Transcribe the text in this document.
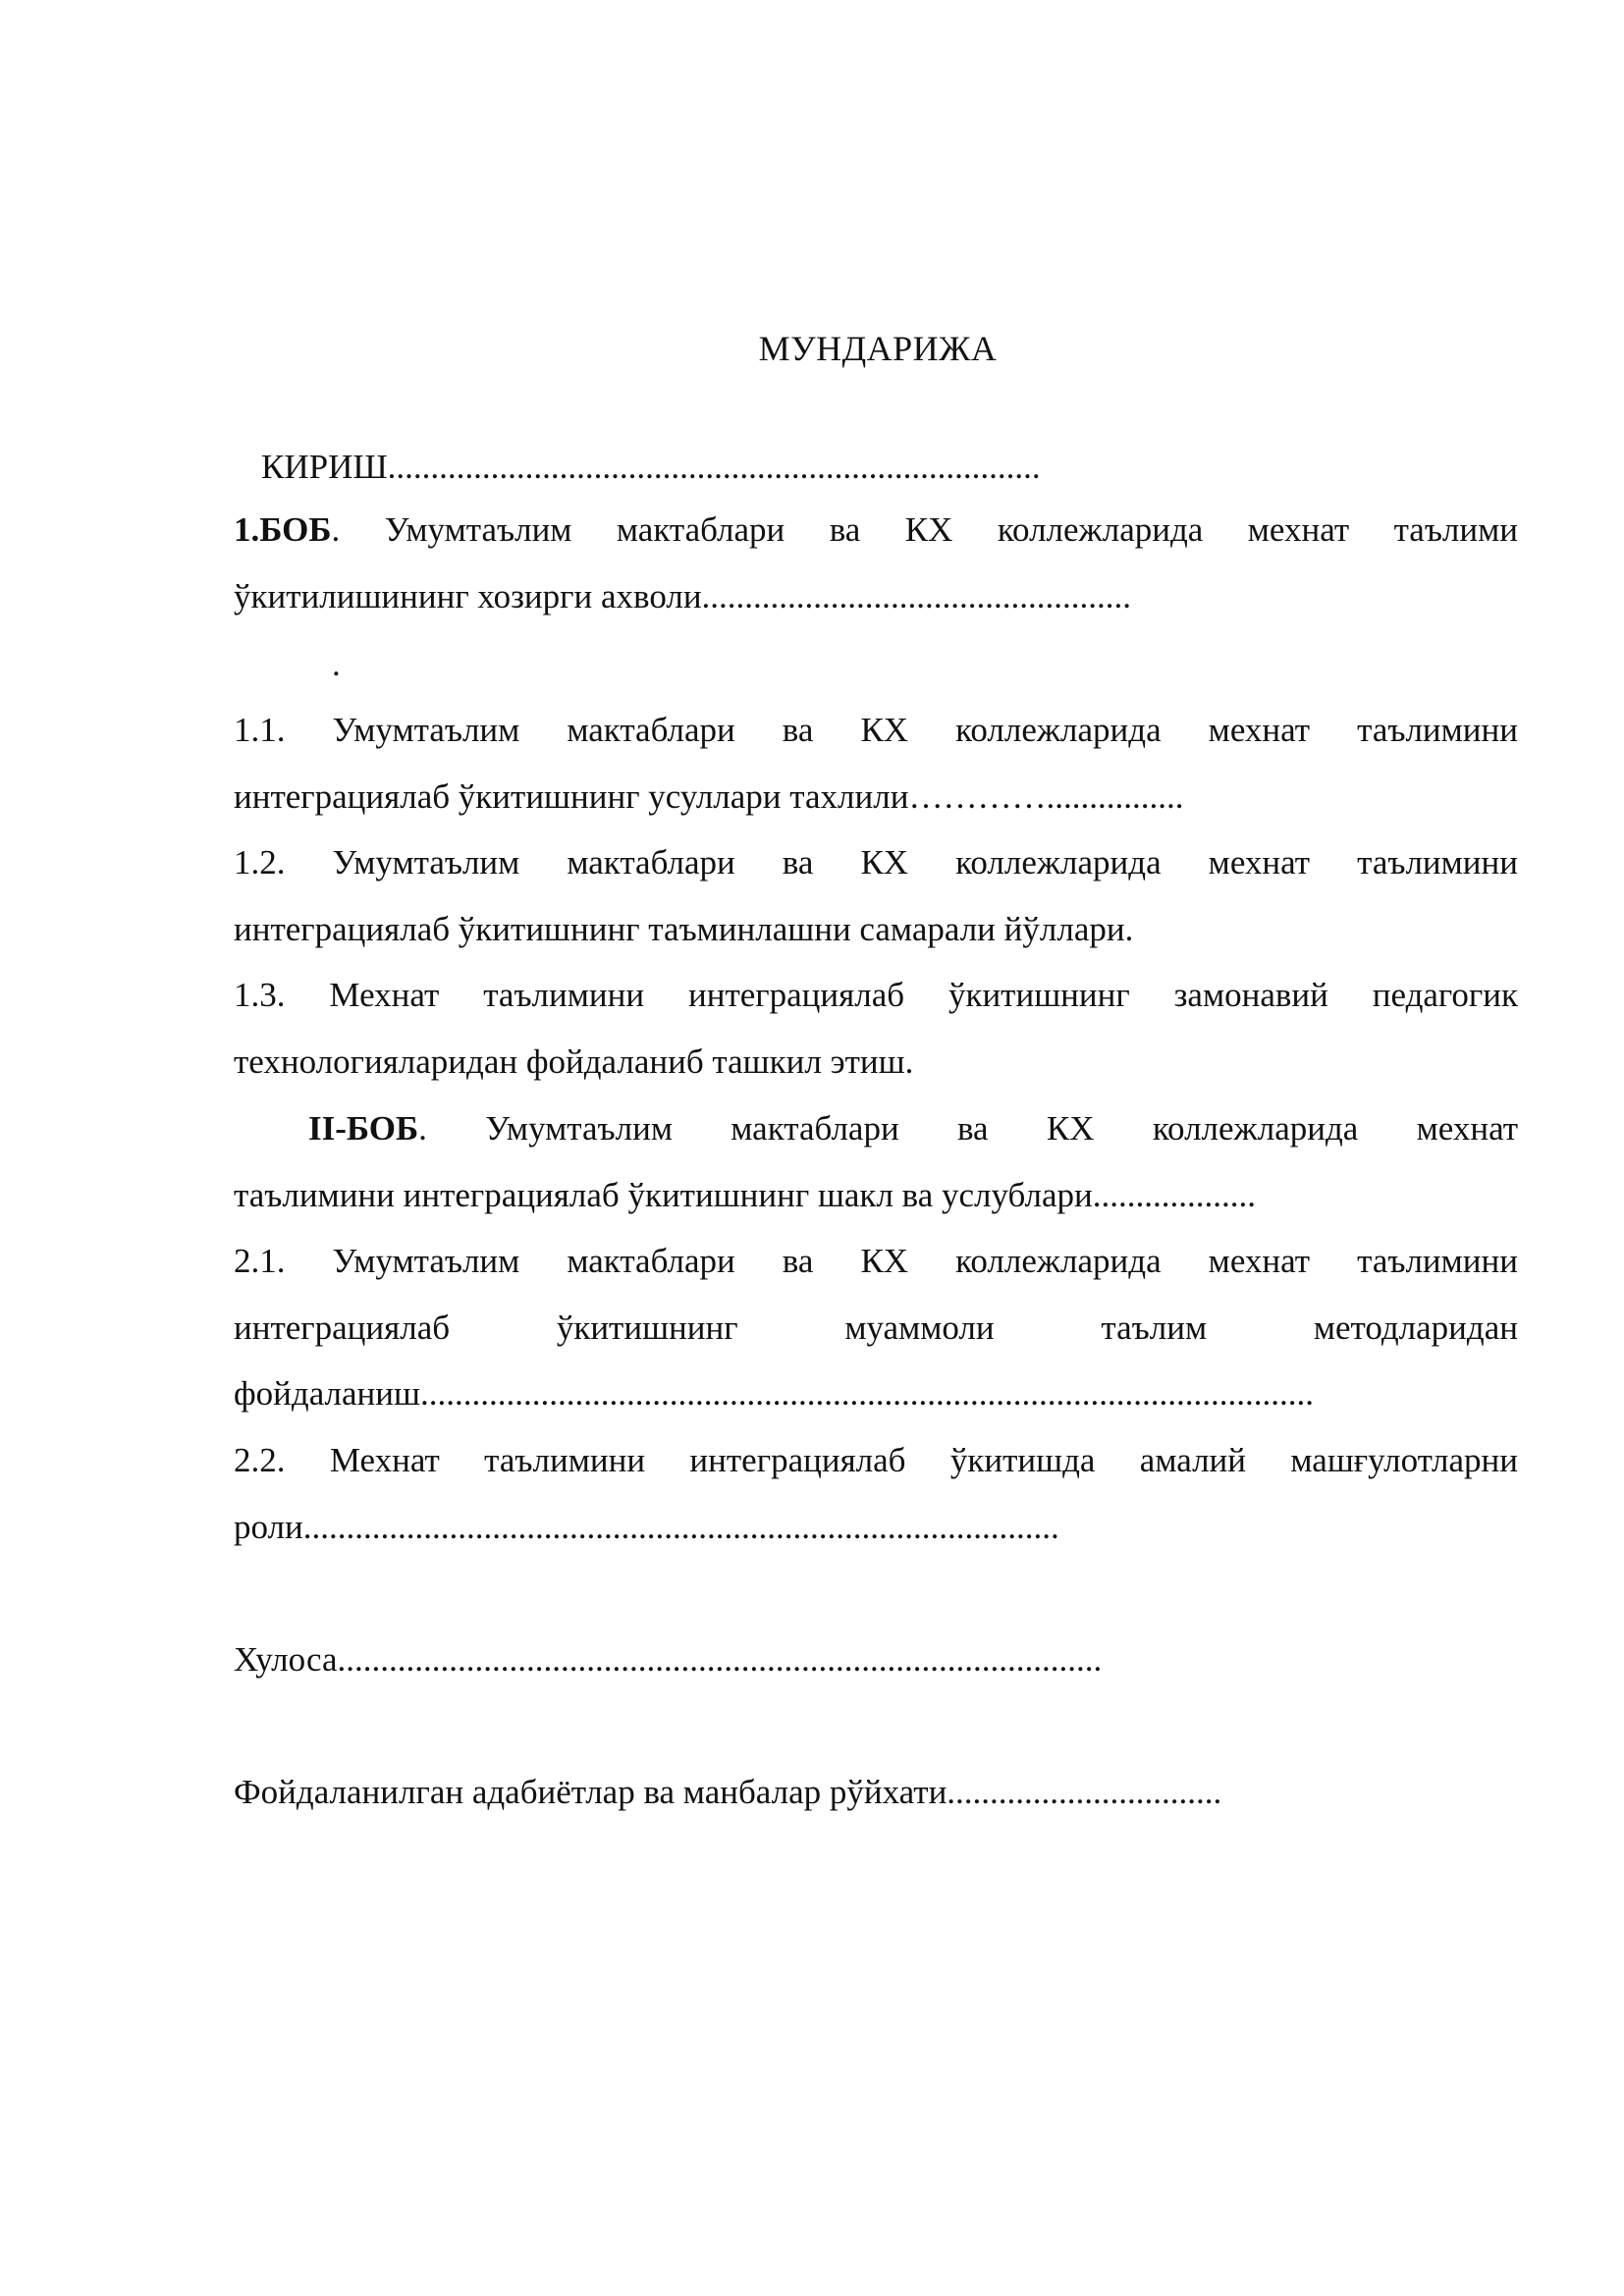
МУНДАРИЖА
КИРИШ............................................................................
1.БОБ. Умумтаълим мактаблари ва КХ коллежларида мехнат таълими
ўкитилишининг хозирги ахволи..................................................
.
1.1. Умумтаълим мактаблари ва КХ коллежларида мехнат таълимини
интеграциялаб ўкитишнинг усуллари тахлили…………................
1.2. Умумтаълим мактаблари ва КХ коллежларида мехнат таълимини
интеграциялаб ўкитишнинг таъминлашни самарали йўллари.
1.3. Мехнат таълимини интеграциялаб ўкитишнинг замонавий педагогик
технологияларидан фойдаланиб ташкил этиш.
II-БОБ. Умумтаълим мактаблари ва КХ коллежларида мехнат
таълимини интеграциялаб ўкитишнинг шакл ва услублари...................
2.1. Умумтаълим мактаблари ва КХ коллежларида мехнат таълимини
интеграциялаб ўкитишнинг муаммоли таълим методларидан
фойдаланиш........................................................................................................
2.2. Мехнат таълимини интеграциялаб ўкитишда амалий машғулотларни
роли........................................................................................
Хулоса.........................................................................................
Фойдаланилган адабиётлар ва манбалар рўйхати................................
